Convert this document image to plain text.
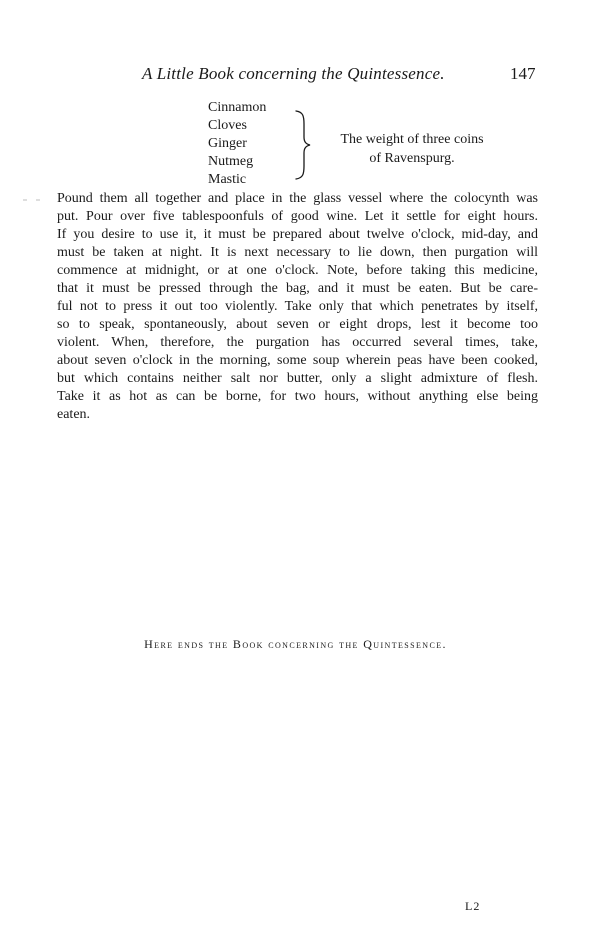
A Little Book concerning the Quintessence.	147
Cinnamon
Cloves
Ginger
Nutmeg
Mastic
The weight of three coins
of Ravenspurg.
Pound them all together and place in the glass vessel where the colocynth was
put. Pour over five tablespoonfuls of good wine. Let it settle for eight hours.
If you desire to use it, it must be prepared about twelve o'clock, mid-day, and
must be taken at night. It is next necessary to lie down, then purgation will
commence at midnight, or at one o'clock. Note, before taking this medicine,
that it must be pressed through the bag, and it must be eaten. But be care-
ful not to press it out too violently. Take only that which penetrates by itself,
so to speak, spontaneously, about seven or eight drops, lest it become too
violent. When, therefore, the purgation has occurred several times, take,
about seven o'clock in the morning, some soup wherein peas have been cooked,
but which contains neither salt nor butter, only a slight admixture of flesh.
Take it as hot as can be borne, for two hours, without anything else being
eaten.
Here ends the Book concerning the Quintessence.
L2
